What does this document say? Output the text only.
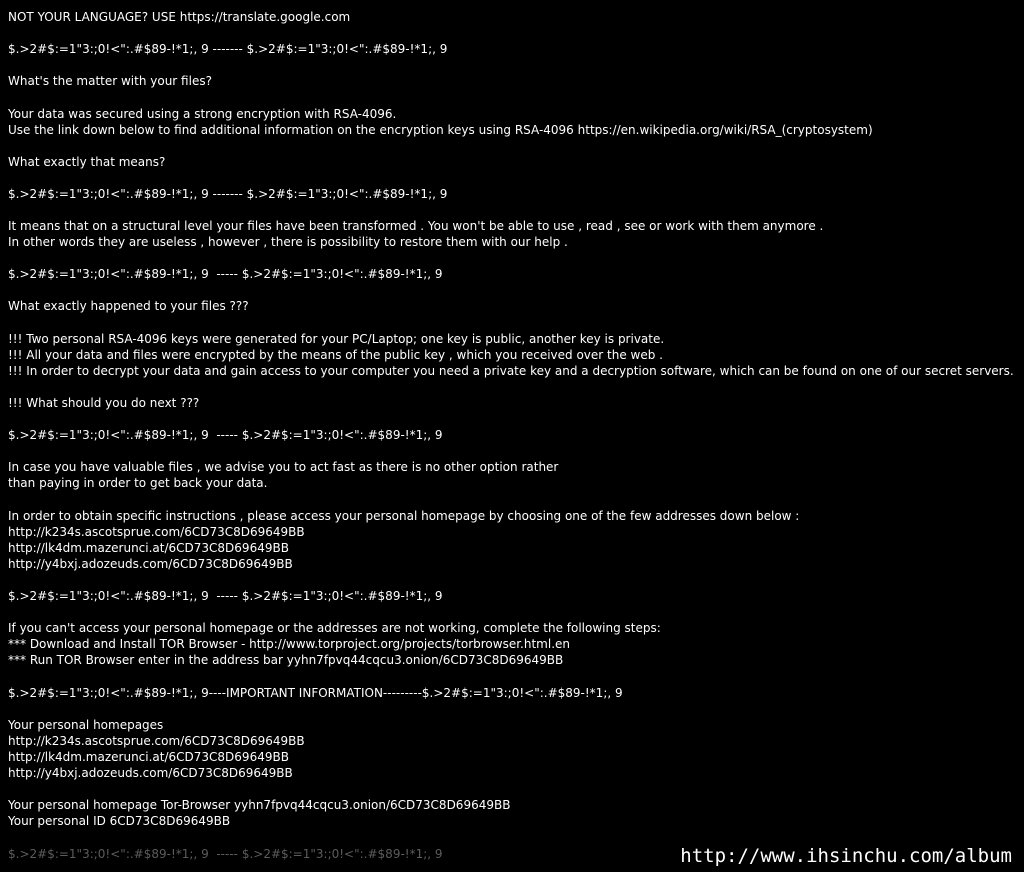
NOT YOUR LANGUAGE? USE https://translate.google.com
$.>2#$:=1"3:;0!<":.#$89-!*1;, 9 ------- $.>2#$:=1"3:;0!<":.#$89-!*1;, 9
What's the matter with your files?
Your data was secured using a strong encryption with RSA-4096.
Use the link down below to find additional information on the encryption keys using RSA-4096 https://en.wikipedia.org/wiki/RSA_(cryptosystem)
What exactly that means?
$.>2#$:=1"3:;0!<":.#$89-!*1;, 9 ------- $.>2#$:=1"3:;0!<":.#$89-!*1;, 9
It means that on a structural level your files have been transformed . You won't be able to use , read , see or work with them anymore .
In other words they are useless , however , there is possibility to restore them with our help .
$.>2#$:=1"3:;0!<":.#$89-!*1;, 9  ----- $.>2#$:=1"3:;0!<":.#$89-!*1;, 9
What exactly happened to your files ???
!!! Two personal RSA-4096 keys were generated for your PC/Laptop; one key is public, another key is private.
!!! All your data and files were encrypted by the means of the public key , which you received over the web .
!!! In order to decrypt your data and gain access to your computer you need a private key and a decryption software, which can be found on one of our secret servers.
!!! What should you do next ???
$.>2#$:=1"3:;0!<":.#$89-!*1;, 9  ----- $.>2#$:=1"3:;0!<":.#$89-!*1;, 9
In case you have valuable files , we advise you to act fast as there is no other option rather
than paying in order to get back your data.
In order to obtain specific instructions , please access your personal homepage by choosing one of the few addresses down below :
http://k234s.ascotsprue.com/6CD73C8D69649BB
http://lk4dm.mazerunci.at/6CD73C8D69649BB
http://y4bxj.adozeuds.com/6CD73C8D69649BB
$.>2#$:=1"3:;0!<":.#$89-!*1;, 9  ----- $.>2#$:=1"3:;0!<":.#$89-!*1;, 9
If you can't access your personal homepage or the addresses are not working, complete the following steps:
*** Download and Install TOR Browser - http://www.torproject.org/projects/torbrowser.html.en
*** Run TOR Browser enter in the address bar yyhn7fpvq44cqcu3.onion/6CD73C8D69649BB
$.>2#$:=1"3:;0!<":.#$89-!*1;, 9----IMPORTANT INFORMATION---------$.>2#$:=1"3:;0!<":.#$89-!*1;, 9
Your personal homepages
http://k234s.ascotsprue.com/6CD73C8D69649BB
http://lk4dm.mazerunci.at/6CD73C8D69649BB
http://y4bxj.adozeuds.com/6CD73C8D69649BB
Your personal homepage Tor-Browser yyhn7fpvq44cqcu3.onion/6CD73C8D69649BB
Your personal ID 6CD73C8D69649BB
$.>2#$:=1"3:;0!<":.#$89-!*1;, 9  ----- $.>2#$:=1"3:;0!<":.#$89-!*1;, 9	http://www.ihsinchu.com/album
